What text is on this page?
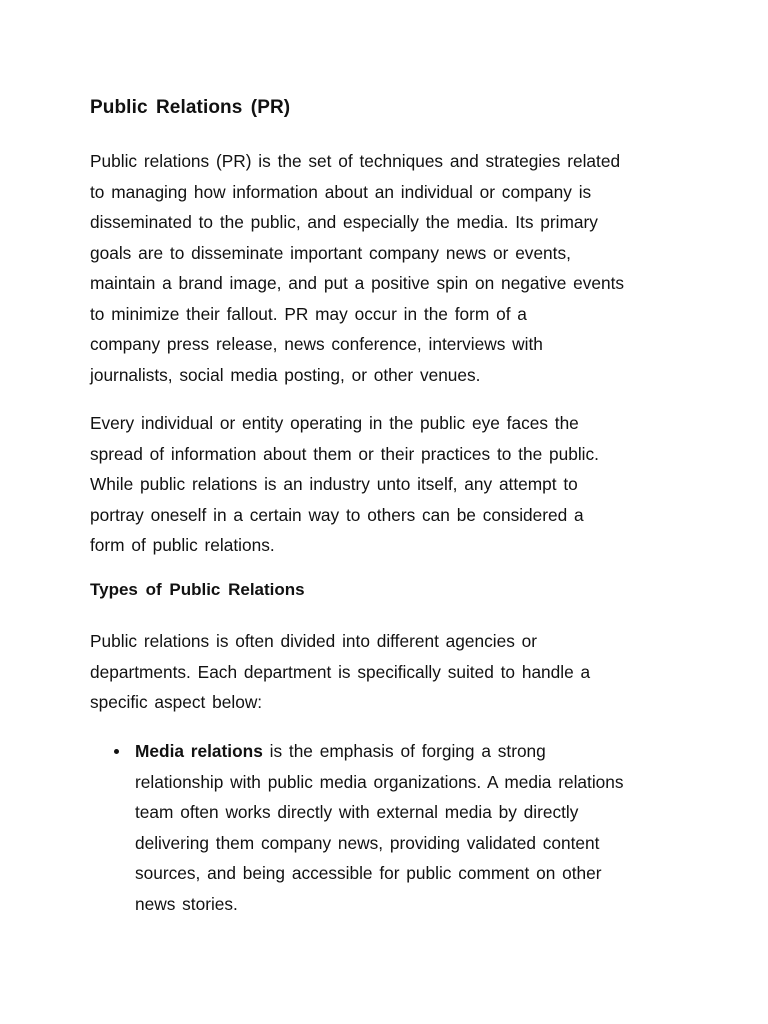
Public Relations (PR)

Public relations (PR) is the set of techniques and strategies related
to managing how information about an individual or company is
disseminated to the public, and especially the media. Its primary
goals are to disseminate important company news or events,
maintain a brand image, and put a positive spin on negative events
to minimize their fallout. PR may occur in the form of a
company press release, news conference, interviews with
journalists, social media posting, or other venues.

Every individual or entity operating in the public eye faces the
spread of information about them or their practices to the public.
While public relations is an industry unto itself, any attempt to
portray oneself in a certain way to others can be considered a
form of public relations.

Types of Public Relations

Public relations is often divided into different agencies or
departments. Each department is specifically suited to handle a
specific aspect below:

Media relations is the emphasis of forging a strong
relationship with public media organizations. A media relations
team often works directly with external media by directly
delivering them company news, providing validated content
sources, and being accessible for public comment on other
news stories.
